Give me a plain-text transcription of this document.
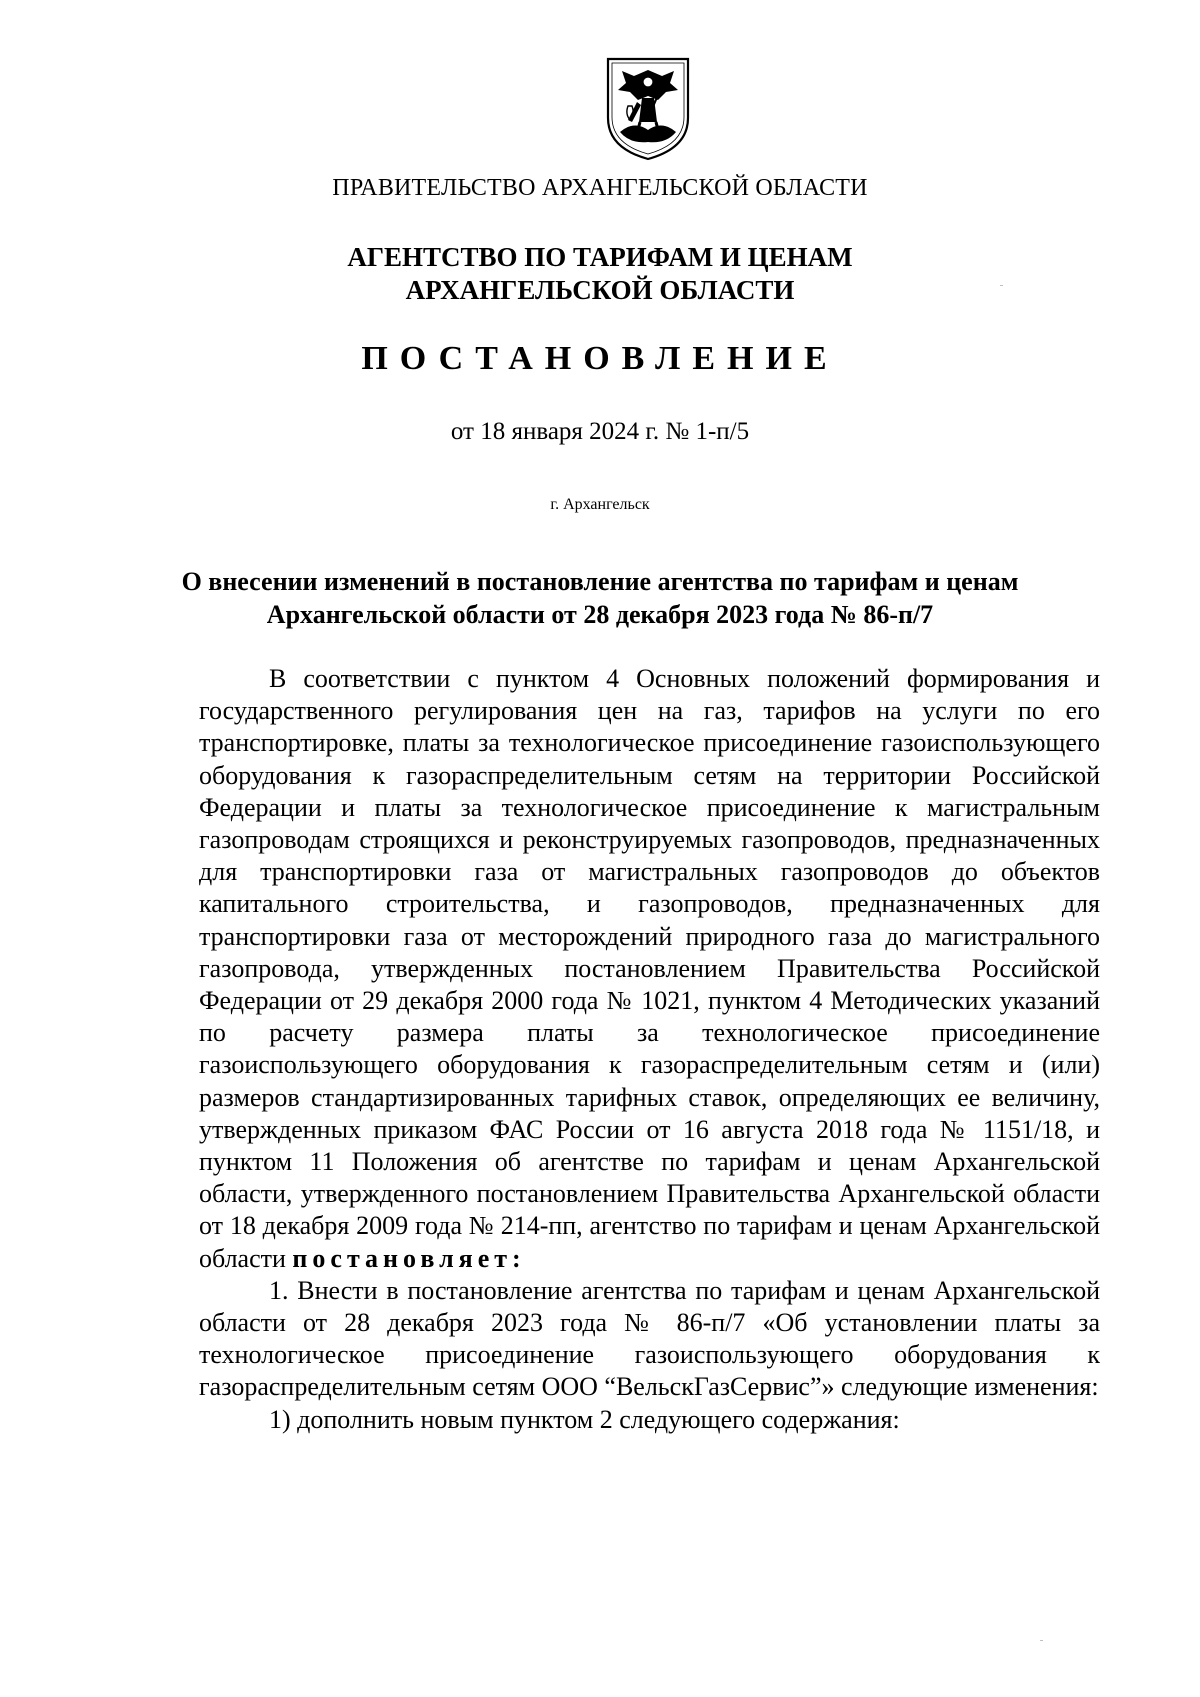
ПРАВИТЕЛЬСТВО АРХАНГЕЛЬСКОЙ ОБЛАСТИ
АГЕНТСТВО ПО ТАРИФАМ И ЦЕНАМ
АРХАНГЕЛЬСКОЙ ОБЛАСТИ
ПОСТАНОВЛЕНИЕ
от 18 января 2024 г. № 1-п/5
г. Архангельск
О внесении изменений в постановление агентства по тарифам и ценам
Архангельской области от 28 декабря 2023 года № 86-п/7

В соответствии с пунктом 4 Основных положений формирования и государственного регулирования цен на газ, тарифов на услуги по его транспортировке, платы за технологическое присоединение газоиспользующего оборудования к газораспределительным сетям на территории Российской Федерации и платы за технологическое присоединение к магистральным газопроводам строящихся и реконструируемых газопроводов, предназначенных для транспортировки газа от магистральных газопроводов до объектов капитального строительства, и газопроводов, предназначенных для транспортировки газа от месторождений природного газа до магистрального газопровода, утвержденных постановлением Правительства Российской Федерации от 29 декабря 2000 года № 1021, пунктом 4 Методических указаний по расчету размера платы за технологическое присоединение газоиспользующего оборудования к газораспределительным сетям и (или) размеров стандартизированных тарифных ставок, определяющих ее величину, утвержденных приказом ФАС России от 16 августа 2018 года № 1151/18, и пунктом 11 Положения об агентстве по тарифам и ценам Архангельской области, утвержденного постановлением Правительства Архангельской области от 18 декабря 2009 года № 214-пп, агентство по тарифам и ценам Архангельской области постановляет:

1. Внести в постановление агентства по тарифам и ценам Архангельской области от 28 декабря 2023 года № 86-п/7 «Об установлении платы за технологическое присоединение газоиспользующего оборудования к газораспределительным сетям ООО “ВельскГазСервис”» следующие изменения:

1) дополнить новым пунктом 2 следующего содержания:
